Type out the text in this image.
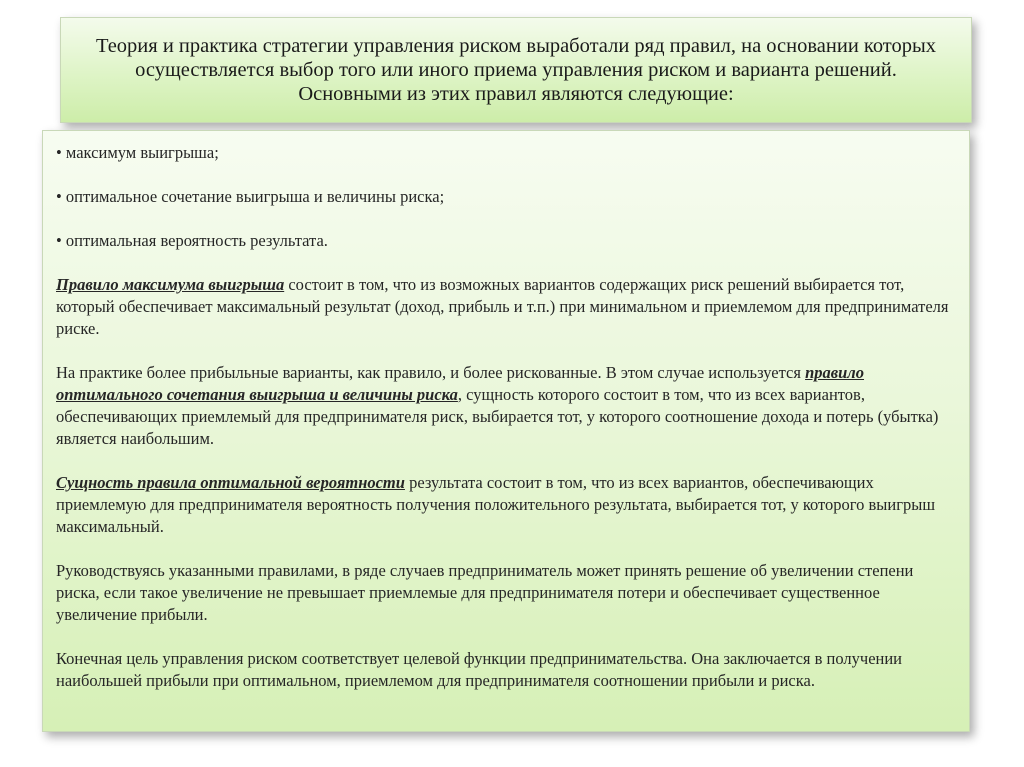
Теория и практика стратегии управления риском выработали ряд правил, на основании которых осуществляется выбор того или иного приема управления риском и варианта решений. Основными из этих правил являются следующие:

• максимум выигрыша;

• оптимальное сочетание выигрыша и величины риска;

• оптимальная вероятность результата.

Правило максимума выигрыша состоит в том, что из возможных вариантов содержащих риск решений выбирается тот, который обеспечивает максимальный результат (доход, прибыль и т.п.) при минимальном и приемлемом для предпринимателя риске.

На практике более прибыльные варианты, как правило, и более рискованные. В этом случае используется правило оптимального сочетания выигрыша и величины риска, сущность которого состоит в том, что из всех вариантов, обеспечивающих приемлемый для предпринимателя риск, выбирается тот, у которого соотношение дохода и потерь (убытка) является наибольшим.

Сущность правила оптимальной вероятности результата состоит в том, что из всех вариантов, обеспечивающих приемлемую для предпринимателя вероятность получения положительного результата, выбирается тот, у которого выигрыш максимальный.

Руководствуясь указанными правилами, в ряде случаев предприниматель может принять решение об увеличении степени риска, если такое увеличение не превышает приемлемые для предпринимателя потери и обеспечивает существенное увеличение прибыли.

Конечная цель управления риском соответствует целевой функции предпринимательства. Она заключается в получении наибольшей прибыли при оптимальном, приемлемом для предпринимателя соотношении прибыли и риска.
